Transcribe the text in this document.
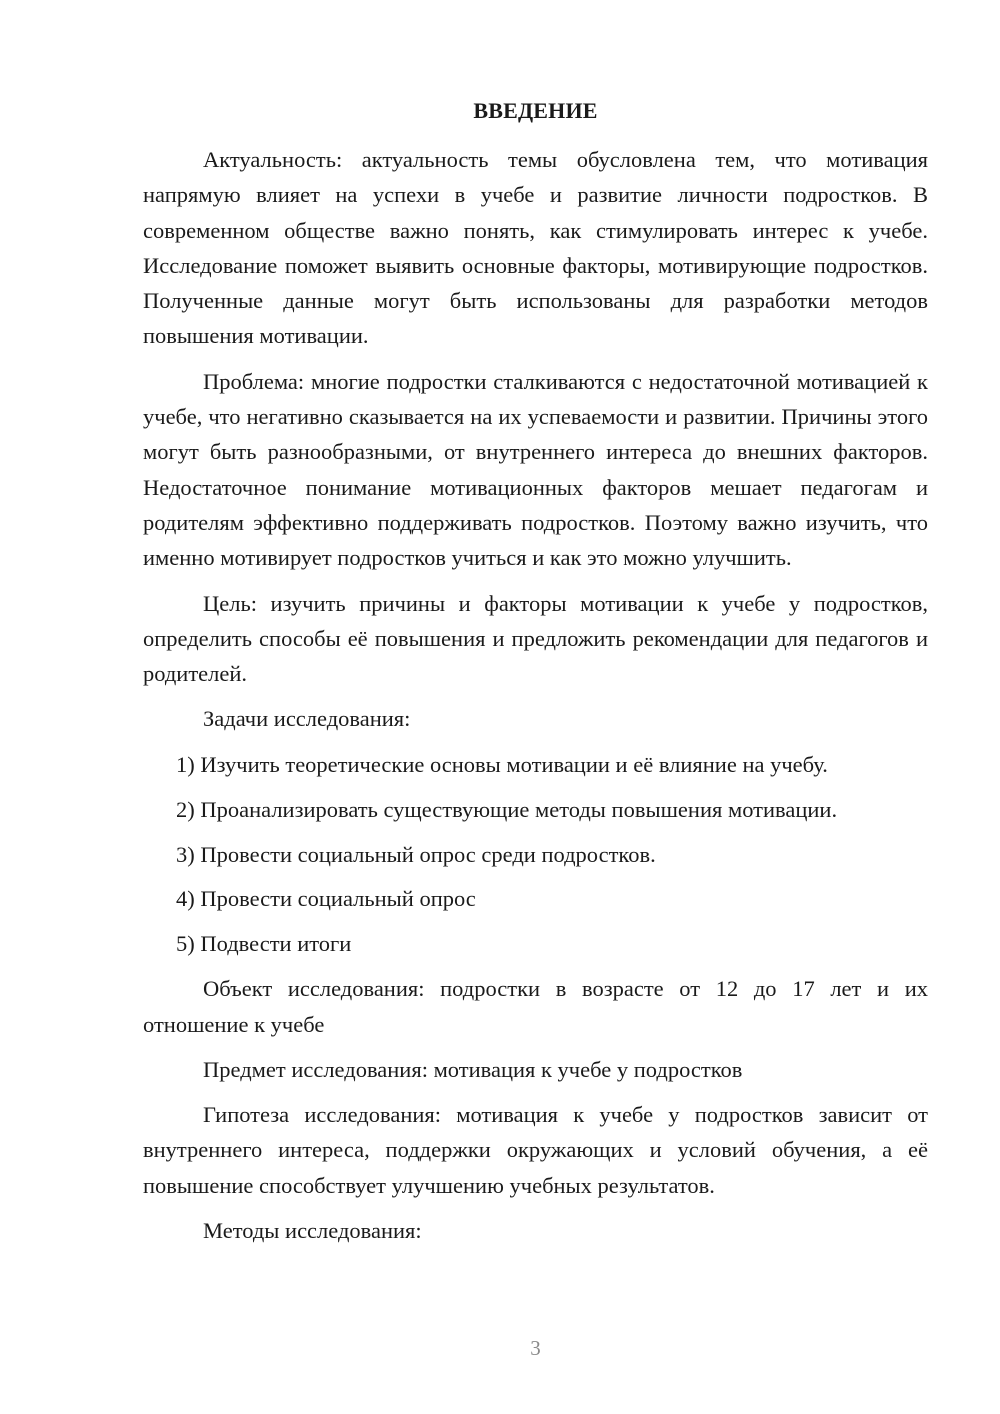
ВВЕДЕНИЕ

Актуальность: актуальность темы обусловлена тем, что мотивация напрямую влияет на успехи в учебе и развитие личности подростков. В современном обществе важно понять, как стимулировать интерес к учебе. Исследование поможет выявить основные факторы, мотивирующие подростков. Полученные данные могут быть использованы для разработки методов повышения мотивации.

Проблема: многие подростки сталкиваются с недостаточной мотивацией к учебе, что негативно сказывается на их успеваемости и развитии. Причины этого могут быть разнообразными, от внутреннего интереса до внешних факторов. Недостаточное понимание мотивационных факторов мешает педагогам и родителям эффективно поддерживать подростков. Поэтому важно изучить, что именно мотивирует подростков учиться и как это можно улучшить.

Цель: изучить причины и факторы мотивации к учебе у подростков, определить способы её повышения и предложить рекомендации для педагогов и родителей.

Задачи исследования:

1) Изучить теоретические основы мотивации и её влияние на учебу.

2) Проанализировать существующие методы повышения мотивации.

3) Провести социальный опрос среди подростков.

4) Провести социальный опрос

5) Подвести итоги

Объект исследования: подростки в возрасте от 12 до 17 лет и их отношение к учебе

Предмет исследования: мотивация к учебе у подростков

Гипотеза исследования: мотивация к учебе у подростков зависит от внутреннего интереса, поддержки окружающих и условий обучения, а её повышение способствует улучшению учебных результатов.

Методы исследования:

3
